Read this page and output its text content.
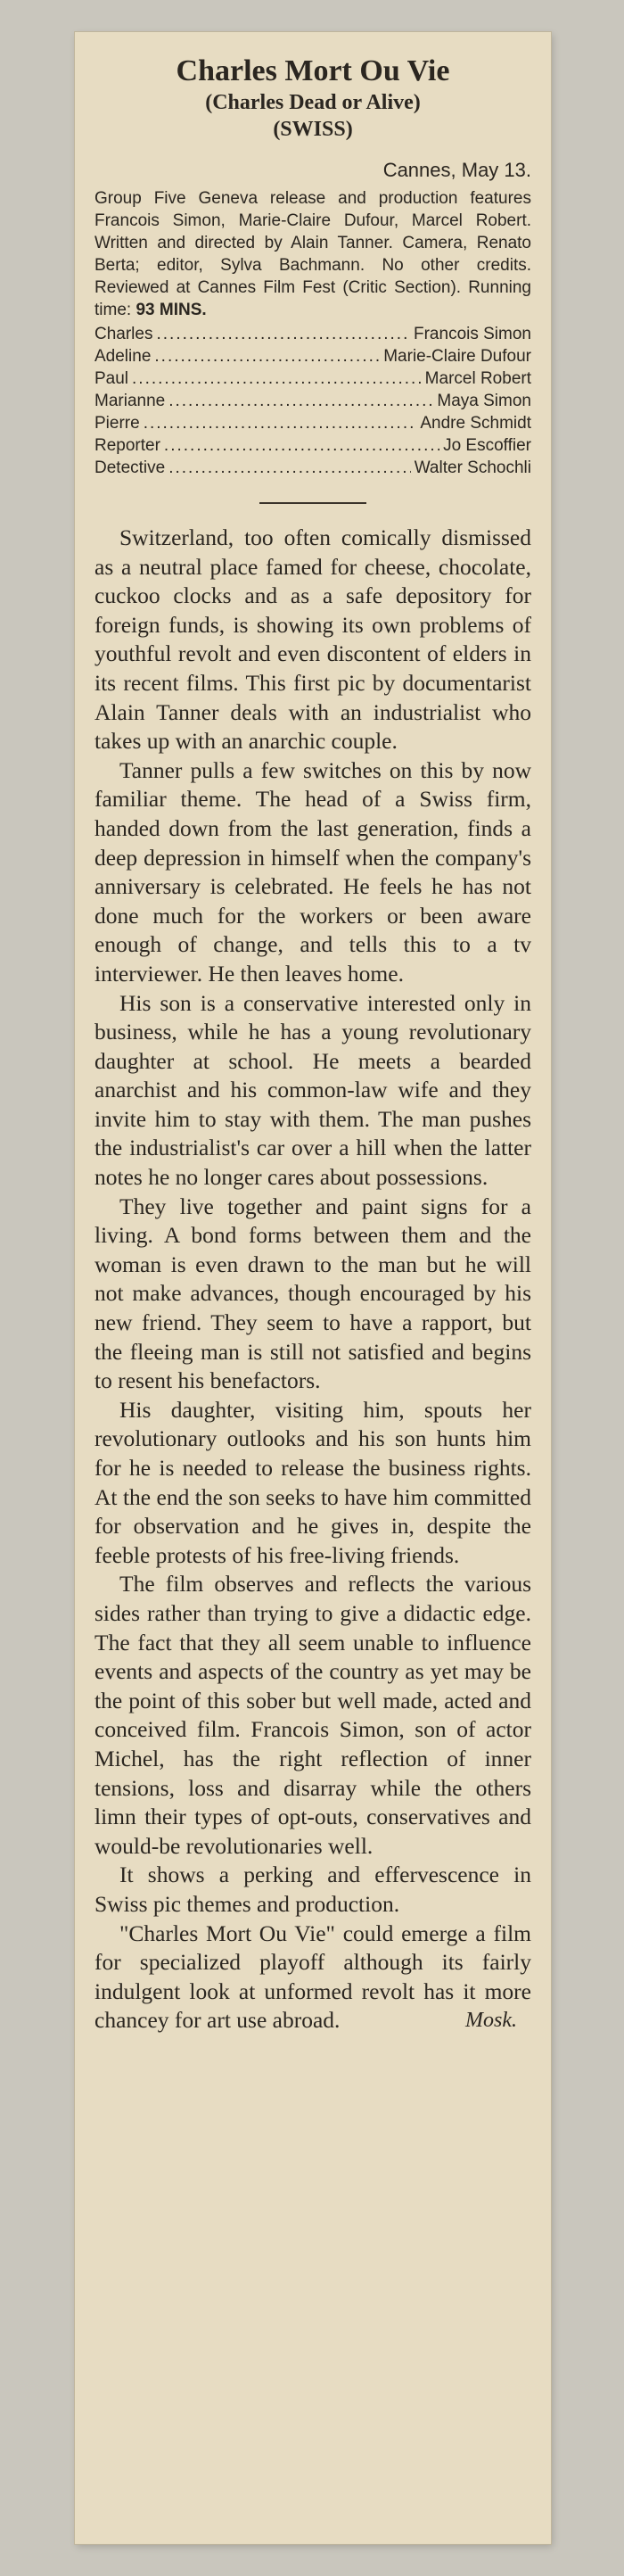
Charles Mort Ou Vie
(Charles Dead or Alive)
(SWISS)
Cannes, May 13.
Group Five Geneva release and production features Francois Simon, Marie-Claire Dufour, Marcel Robert. Written and directed by Alain Tanner. Camera, Renato Berta; editor, Sylva Bachmann. No other credits. Reviewed at Cannes Film Fest (Critic Section). Running time: 93 MINS.
Charles .....	Francois Simon
Adeline .....	Marie-Claire Dufour
Paul .....	Marcel Robert
Marianne .....	Maya Simon
Pierre .....	Andre Schmidt
Reporter .....	Jo Escoffier
Detective .....	Walter Schochli

Switzerland, too often comically dismissed as a neutral place famed for cheese, chocolate, cuckoo clocks and as a safe depository for foreign funds, is showing its own problems of youthful revolt and even discontent of elders in its recent films. This first pic by documentarist Alain Tanner deals with an industrialist who takes up with an anarchic couple.

Tanner pulls a few switches on this by now familiar theme. The head of a Swiss firm, handed down from the last generation, finds a deep depression in himself when the company's anniversary is celebrated. He feels he has not done much for the workers or been aware enough of change, and tells this to a tv interviewer. He then leaves home.

His son is a conservative interested only in business, while he has a young revolutionary daughter at school. He meets a bearded anarchist and his common-law wife and they invite him to stay with them. The man pushes the industrialist's car over a hill when the latter notes he no longer cares about possessions.

They live together and paint signs for a living. A bond forms between them and the woman is even drawn to the man but he will not make advances, though encouraged by his new friend. They seem to have a rapport, but the fleeing man is still not satisfied and begins to resent his benefactors.

His daughter, visiting him, spouts her revolutionary outlooks and his son hunts him for he is needed to release the business rights. At the end the son seeks to have him committed for observation and he gives in, despite the feeble protests of his free-living friends.

The film observes and reflects the various sides rather than trying to give a didactic edge. The fact that they all seem unable to influence events and aspects of the country as yet may be the point of this sober but well made, acted and conceived film. Francois Simon, son of actor Michel, has the right reflection of inner tensions, loss and disarray while the others limn their types of opt-outs, conservatives and would-be revolutionaries well.

It shows a perking and effervescence in Swiss pic themes and production.

"Charles Mort Ou Vie" could emerge a film for specialized playoff although its fairly indulgent look at unformed revolt has it more chancey for art use abroad.	Mosk.
